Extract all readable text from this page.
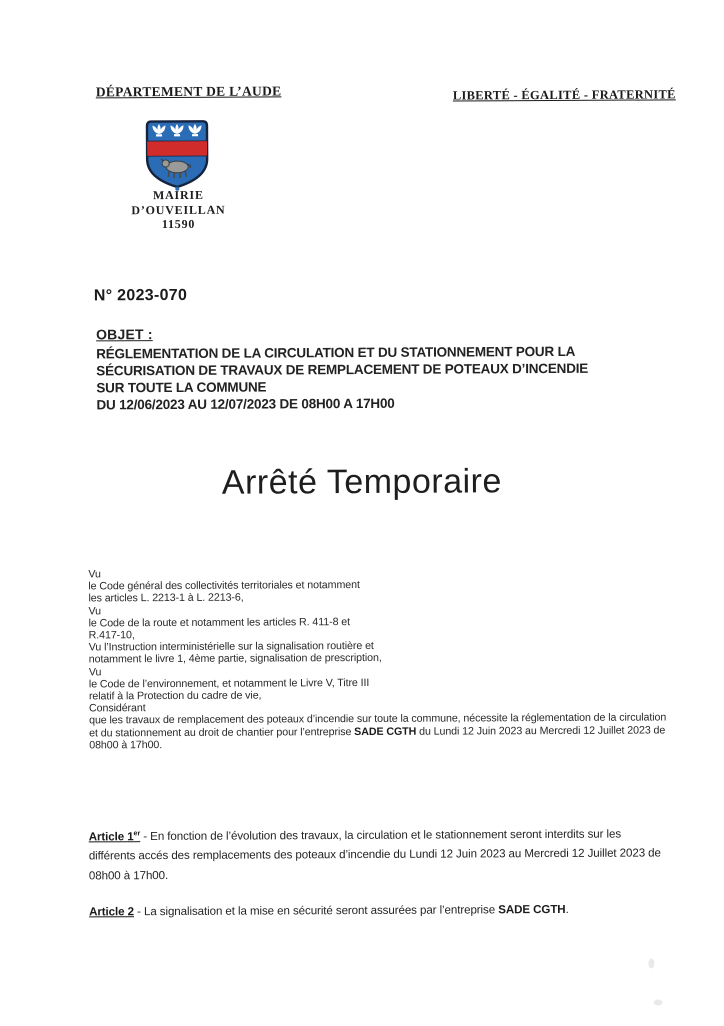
DÉPARTEMENT DE L’AUDE	LIBERTÉ - ÉGALITÉ - FRATERNITÉ
MAIRIE
D’OUVEILLAN
11590
N° 2023-070
OBJET :
RÉGLEMENTATION DE LA CIRCULATION ET DU STATIONNEMENT POUR LA
SÉCURISATION DE TRAVAUX DE REMPLACEMENT DE POTEAUX D’INCENDIE
SUR TOUTE LA COMMUNE
DU 12/06/2023 AU 12/07/2023 DE 08H00 A 17H00
Arrêté Temporaire
Vu
le Code général des collectivités territoriales et notamment
les articles L. 2213-1 à L. 2213-6,
Vu
le Code de la route et notamment les articles R. 411-8 et
R.417-10,
Vu l’Instruction interministérielle sur la signalisation routière et
notamment le livre 1, 4ème partie, signalisation de prescription,
Vu
le Code de l’environnement, et notamment le Livre V, Titre III
relatif à la Protection du cadre de vie,
Considérant
que les travaux de remplacement des poteaux d’incendie sur toute la commune, nécessite la réglementation de la circulation et du stationnement au droit de chantier pour l’entreprise SADE CGTH du Lundi 12 Juin 2023 au Mercredi 12 Juillet 2023 de 08h00 à 17h00.
Article 1er - En fonction de l’évolution des travaux, la circulation et le stationnement seront interdits sur les différents accés des remplacements des poteaux d’incendie du Lundi 12 Juin 2023 au Mercredi 12 Juillet 2023 de 08h00 à 17h00.
Article 2 - La signalisation et la mise en sécurité seront assurées par l’entreprise SADE CGTH.
